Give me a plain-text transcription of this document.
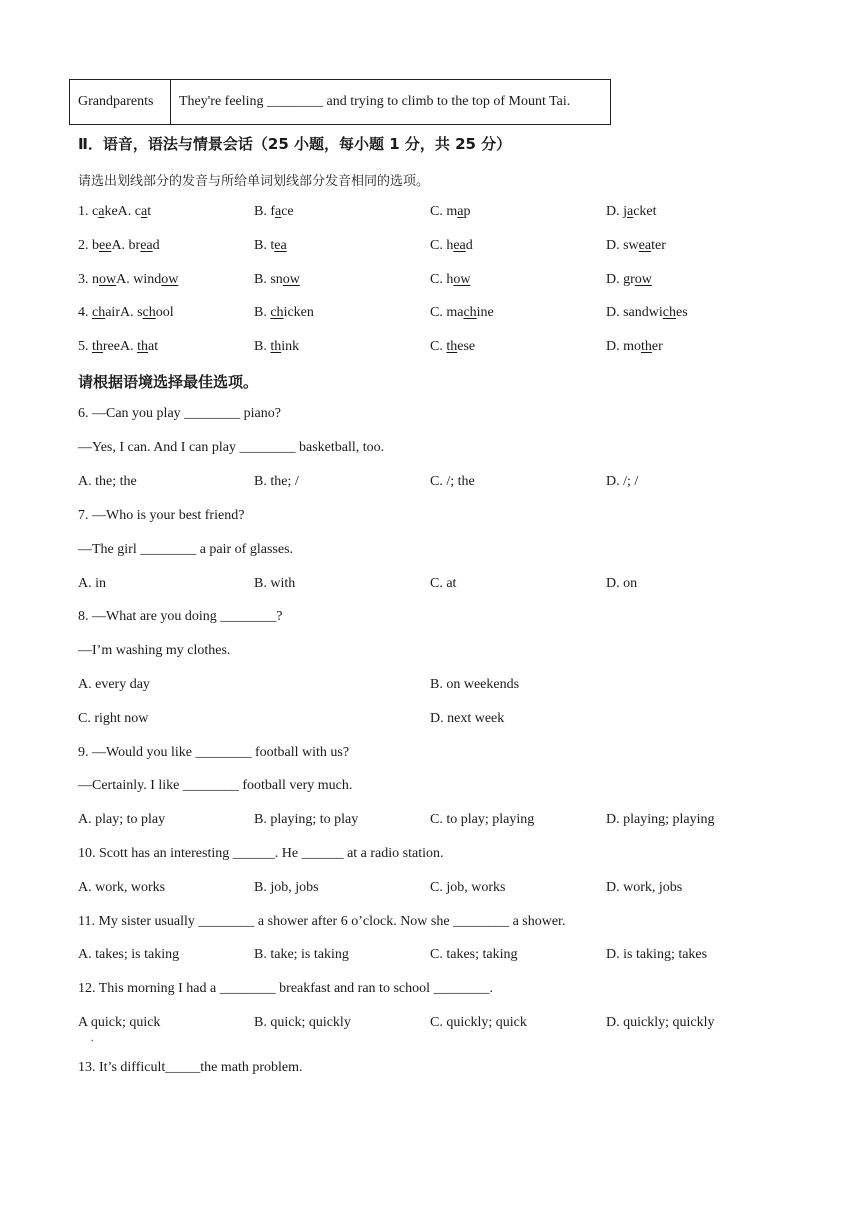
Grandparents	They're feeling ________ and trying to climb to the top of Mount Tai.
Ⅱ．语音，语法与情景会话（25 小题，每小题 1 分，共 25 分）
请选出划线部分的发音与所给单词划线部分发音相同的选项。
1. cakeA. cat	B. face	C. map	D. jacket
2. beeA. bread	B. tea	C. head	D. sweater
3. nowA. window	B. snow	C. how	D. grow
4. chairA. school	B. chicken	C. machine	D. sandwiches
5. threeA. that	B. think	C. these	D. mother
请根据语境选择最佳选项。
6. —Can you play ________ piano?
—Yes, I can. And I can play ________ basketball, too.
A. the; the	B. the; /	C. /; the	D. /; /
7. —Who is your best friend?
—The girl ________ a pair of glasses.
A. in	B. with	C. at	D. on
8. —What are you doing ________?
—I’m washing my clothes.
A. every day	B. on weekends
C. right now	D. next week
9. —Would you like ________ football with us?
—Certainly. I like ________ football very much.
A. play; to play	B. playing; to play	C. to play; playing	D. playing; playing
10. Scott has an interesting ______. He ______ at a radio station.
A. work, works	B. job, jobs	C. job, works	D. work, jobs
11. My sister usually ________ a shower after 6 o’clock. Now she ________ a shower.
A. takes; is taking	B. take; is taking	C. takes; taking	D. is taking; takes
12. This morning I had a ________ breakfast and ran to school ________.
A quick; quick	B. quick; quickly	C. quickly; quick	D. quickly; quickly
.
13. It’s difficult_____the math problem.
